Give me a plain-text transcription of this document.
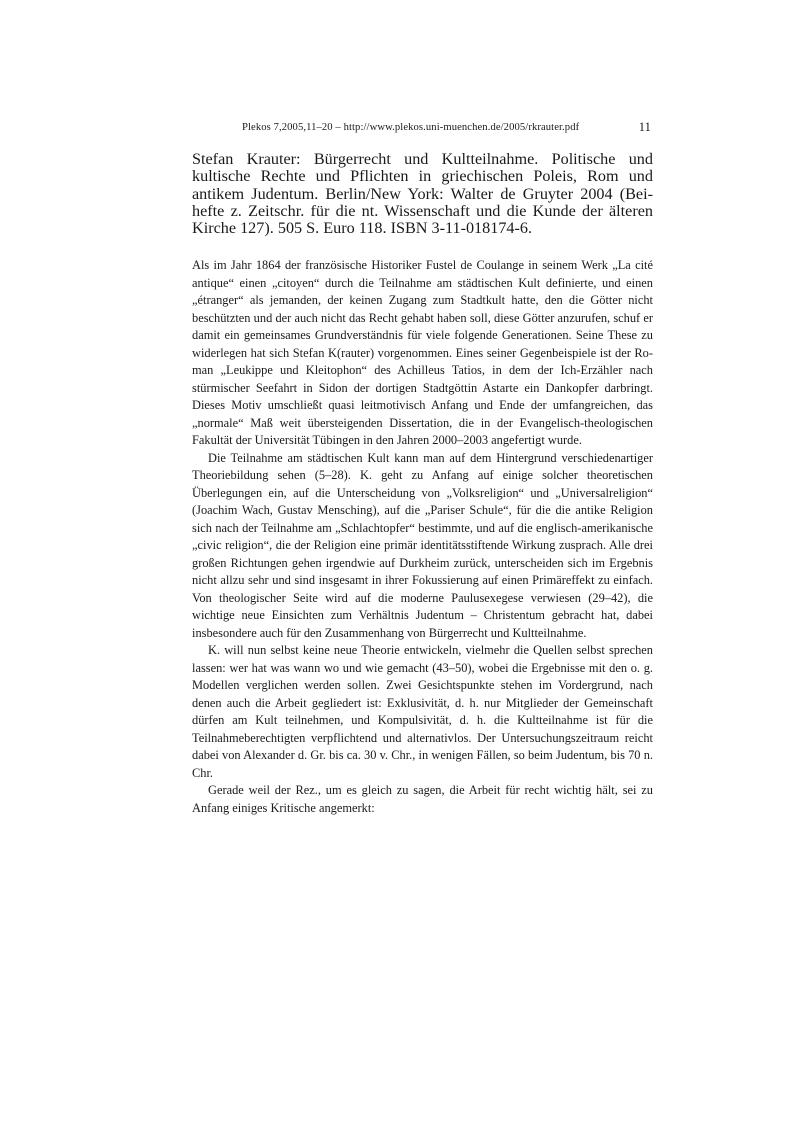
Plekos 7,2005,11–20 – http://www.plekos.uni-muenchen.de/2005/rkrauter.pdf	11
Stefan Krauter: Bürgerrecht und Kultteilnahme. Politische und kultische Rechte und Pflichten in griechischen Poleis, Rom und antikem Judentum. Berlin/New York: Walter de Gruyter 2004 (Beihefte z. Zeitschr. für die nt. Wissenschaft und die Kunde der älteren Kirche 127). 505 S. Euro 118. ISBN 3-11-018174-6.

Als im Jahr 1864 der französische Historiker Fustel de Coulange in seinem Werk „La cité antique“ einen „citoyen“ durch die Teilnahme am städtischen Kult definierte, und einen „étranger“ als jemanden, der keinen Zugang zum Stadtkult hatte, den die Götter nicht beschützten und der auch nicht das Recht gehabt haben soll, diese Götter anzurufen, schuf er damit ein gemeinsames Grundverständnis für viele folgende Generationen. Seine These zu widerlegen hat sich Stefan K(rauter) vorgenommen. Eines seiner Gegenbeispiele ist der Roman „Leukippe und Kleitophon“ des Achilleus Tatios, in dem der Ich-Erzähler nach stürmischer Seefahrt in Sidon der dortigen Stadtgöttin Astarte ein Dankopfer darbringt. Dieses Motiv umschließt quasi leitmotivisch Anfang und Ende der umfangreichen, das „normale“ Maß weit übersteigenden Dissertation, die in der Evangelisch-theologischen Fakultät der Universität Tübingen in den Jahren 2000–2003 angefertigt wurde.

Die Teilnahme am städtischen Kult kann man auf dem Hintergrund verschiedenartiger Theoriebildung sehen (5–28). K. geht zu Anfang auf einige solcher theoretischen Überlegungen ein, auf die Unterscheidung von „Volksreligion“ und „Universalreligion“ (Joachim Wach, Gustav Mensching), auf die „Pariser Schule“, für die die antike Religion sich nach der Teilnahme am „Schlachtopfer“ bestimmte, und auf die englisch-amerikanische „civic religion“, die der Religion eine primär identitätsstiftende Wirkung zusprach. Alle drei großen Richtungen gehen irgendwie auf Durkheim zurück, unterscheiden sich im Ergebnis nicht allzu sehr und sind insgesamt in ihrer Fokussierung auf einen Primäreffekt zu einfach. Von theologischer Seite wird auf die moderne Paulusexegese verwiesen (29–42), die wichtige neue Einsichten zum Verhältnis Judentum – Christentum gebracht hat, dabei insbesondere auch für den Zusammenhang von Bürgerrecht und Kultteilnahme.

K. will nun selbst keine neue Theorie entwickeln, vielmehr die Quellen selbst sprechen lassen: wer hat was wann wo und wie gemacht (43–50), wobei die Ergebnisse mit den o. g. Modellen verglichen werden sollen. Zwei Gesichtspunkte stehen im Vordergrund, nach denen auch die Arbeit gegliedert ist: Exklusivität, d. h. nur Mitglieder der Gemeinschaft dürfen am Kult teilnehmen, und Kompulsivität, d. h. die Kultteilnahme ist für die Teilnahmeberechtigten verpflichtend und alternativlos. Der Untersuchungszeitraum reicht dabei von Alexander d. Gr. bis ca. 30 v. Chr., in wenigen Fällen, so beim Judentum, bis 70 n. Chr.

Gerade weil der Rez., um es gleich zu sagen, die Arbeit für recht wichtig hält, sei zu Anfang einiges Kritische angemerkt:
